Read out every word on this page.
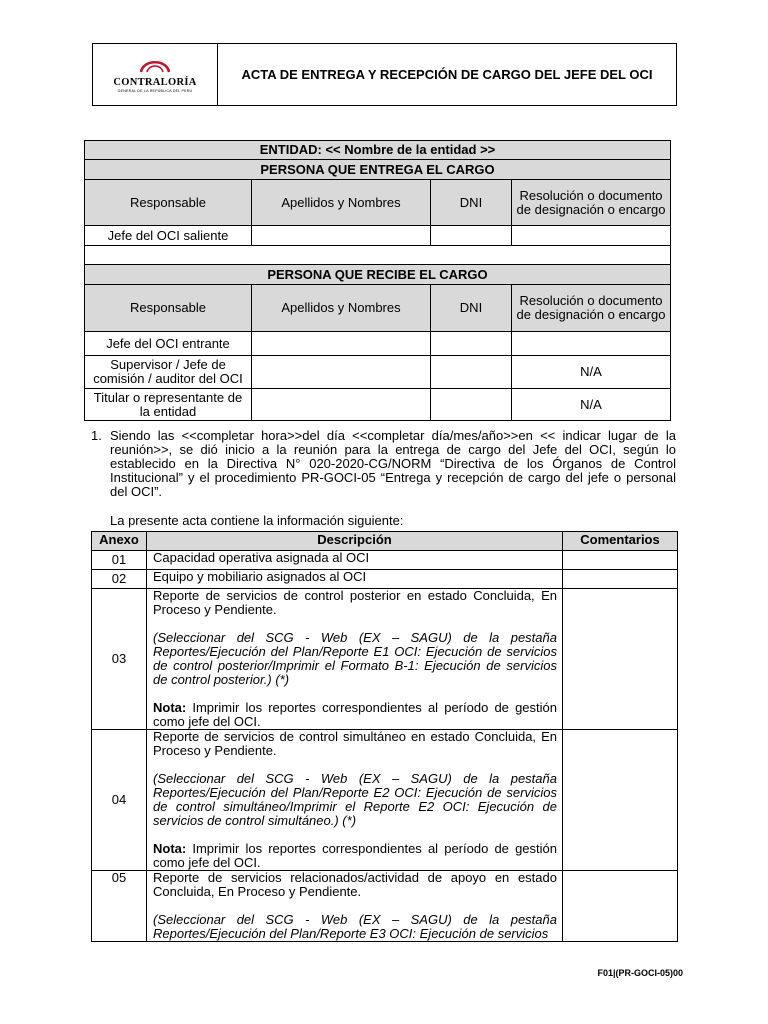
CONTRALORÍA
GENERAL DE LA REPÚBLICA DEL PERÚ
ACTA DE ENTREGA Y RECEPCIÓN DE CARGO DEL JEFE DEL OCI
ENTIDAD: << Nombre de la entidad >>			
PERSONA QUE ENTREGA EL CARGO			
Responsable	Apellidos y Nombres	DNI	Resolución o documento de designación o encargo
Jefe del OCI saliente			

PERSONA QUE RECIBE EL CARGO			
Responsable	Apellidos y Nombres	DNI	Resolución o documento de designación o encargo
Jefe del OCI entrante			
Supervisor / Jefe de comisión / auditor del OCI			N/A
Titular o representante de la entidad			N/A
1. Siendo las <<completar hora>>del día <<completar día/mes/año>>en << indicar lugar de la reunión>>, se dió inicio a la reunión para la entrega de cargo del Jefe del OCI, según lo establecido en la Directiva N° 020-2020-CG/NORM “Directiva de los Órganos de Control Institucional” y el procedimiento PR-GOCI-05 “Entrega y recepción de cargo del jefe o personal del OCI”.
La presente acta contiene la información siguiente:
Anexo	Descripción	Comentarios
01	Capacidad operativa asignada al OCI	
02	Equipo y mobiliario asignados al OCI	
03	Reporte de servicios de control posterior en estado Concluida, En Proceso y Pendiente.
(Seleccionar del SCG - Web (EX – SAGU) de la pestaña Reportes/Ejecución del Plan/Reporte E1 OCI: Ejecución de servicios de control posterior/Imprimir el Formato B-1: Ejecución de servicios de control posterior.) (*)
Nota: Imprimir los reportes correspondientes al período de gestión como jefe del OCI.	

04	Reporte de servicios de control simultáneo en estado Concluida, En Proceso y Pendiente.
(Seleccionar del SCG - Web (EX – SAGU) de la pestaña Reportes/Ejecución del Plan/Reporte E2 OCI: Ejecución de servicios de control simultáneo/Imprimir el Reporte E2 OCI: Ejecución de servicios de control simultáneo.) (*)
Nota: Imprimir los reportes correspondientes al período de gestión como jefe del OCI.	

05	Reporte de servicios relacionados/actividad de apoyo en estado Concluida, En Proceso y Pendiente.
(Seleccionar del SCG - Web (EX – SAGU) de la pestaña Reportes/Ejecución del Plan/Reporte E3 OCI: Ejecución de servicios	

F01|(PR-GOCI-05)00
